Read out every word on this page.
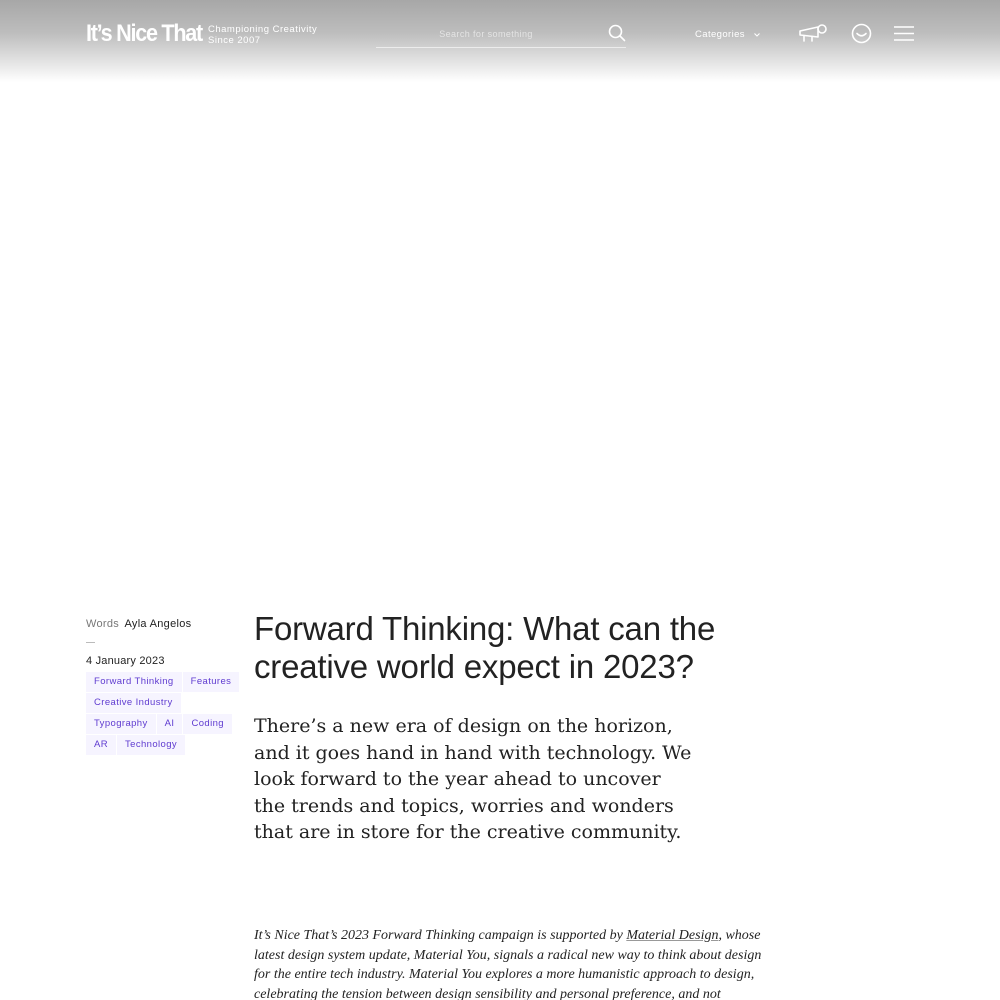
It’s Nice That Championing Creativity
Since 2007
Search for something
Categories
Words Ayla Angelos
4 January 2023
Forward Thinking	Features
Creative Industry
Typography	AI	Coding
AR	Technology
Forward Thinking: What can the creative world expect in 2023?

There’s a new era of design on the horizon, and it goes hand in hand with technology. We look forward to the year ahead to uncover the trends and topics, worries and wonders that are in store for the creative community.

It’s Nice That’s 2023 Forward Thinking campaign is supported by Material Design, whose latest design system update, Material You, signals a radical new way to think about design for the entire tech industry. Material You explores a more humanistic approach to design, celebrating the tension between design sensibility and personal preference, and not
